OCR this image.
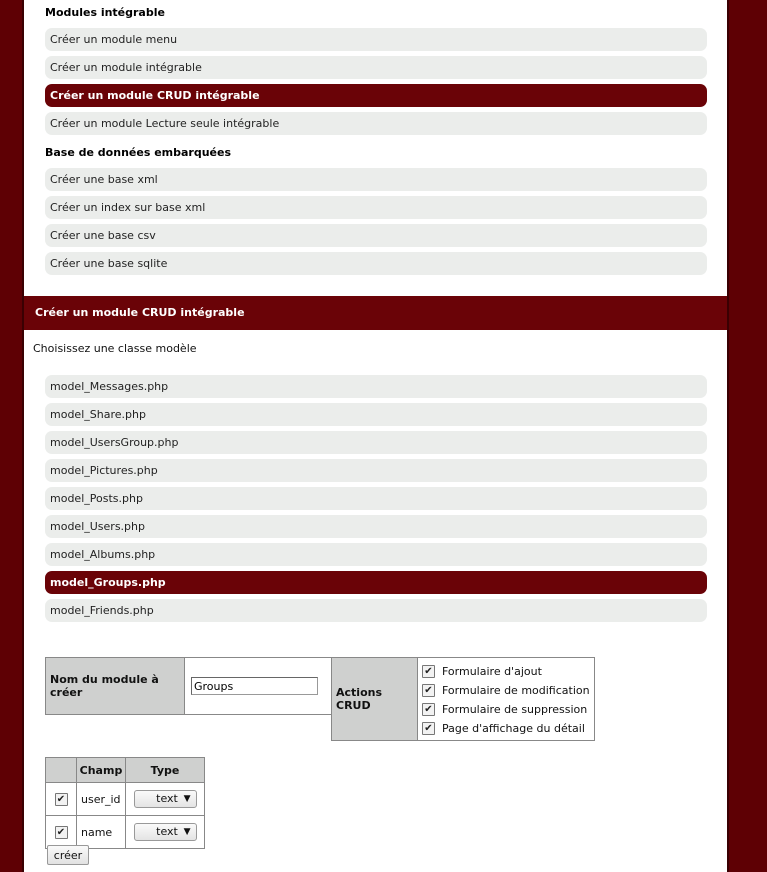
Modules intégrable
Créer un module menu
Créer un module intégrable
Créer un module CRUD intégrable
Créer un module Lecture seule intégrable
Base de données embarquées
Créer une base xml
Créer un index sur base xml
Créer une base csv
Créer une base sqlite
Créer un module CRUD intégrable
Choisissez une classe modèle
model_Messages.php
model_Share.php
model_UsersGroup.php
model_Pictures.php
model_Posts.php
model_Users.php
model_Albums.php
model_Groups.php
model_Friends.php
Nom du module à créer	Groups	Actions CRUD	
✔ Formulaire d'ajout
✔ Formulaire de modification
✔ Formulaire de suppression
✔ Page d'affichage du détail
	Champ	Type
✔	user_id	text ▼

✔	name	text ▼
créer
